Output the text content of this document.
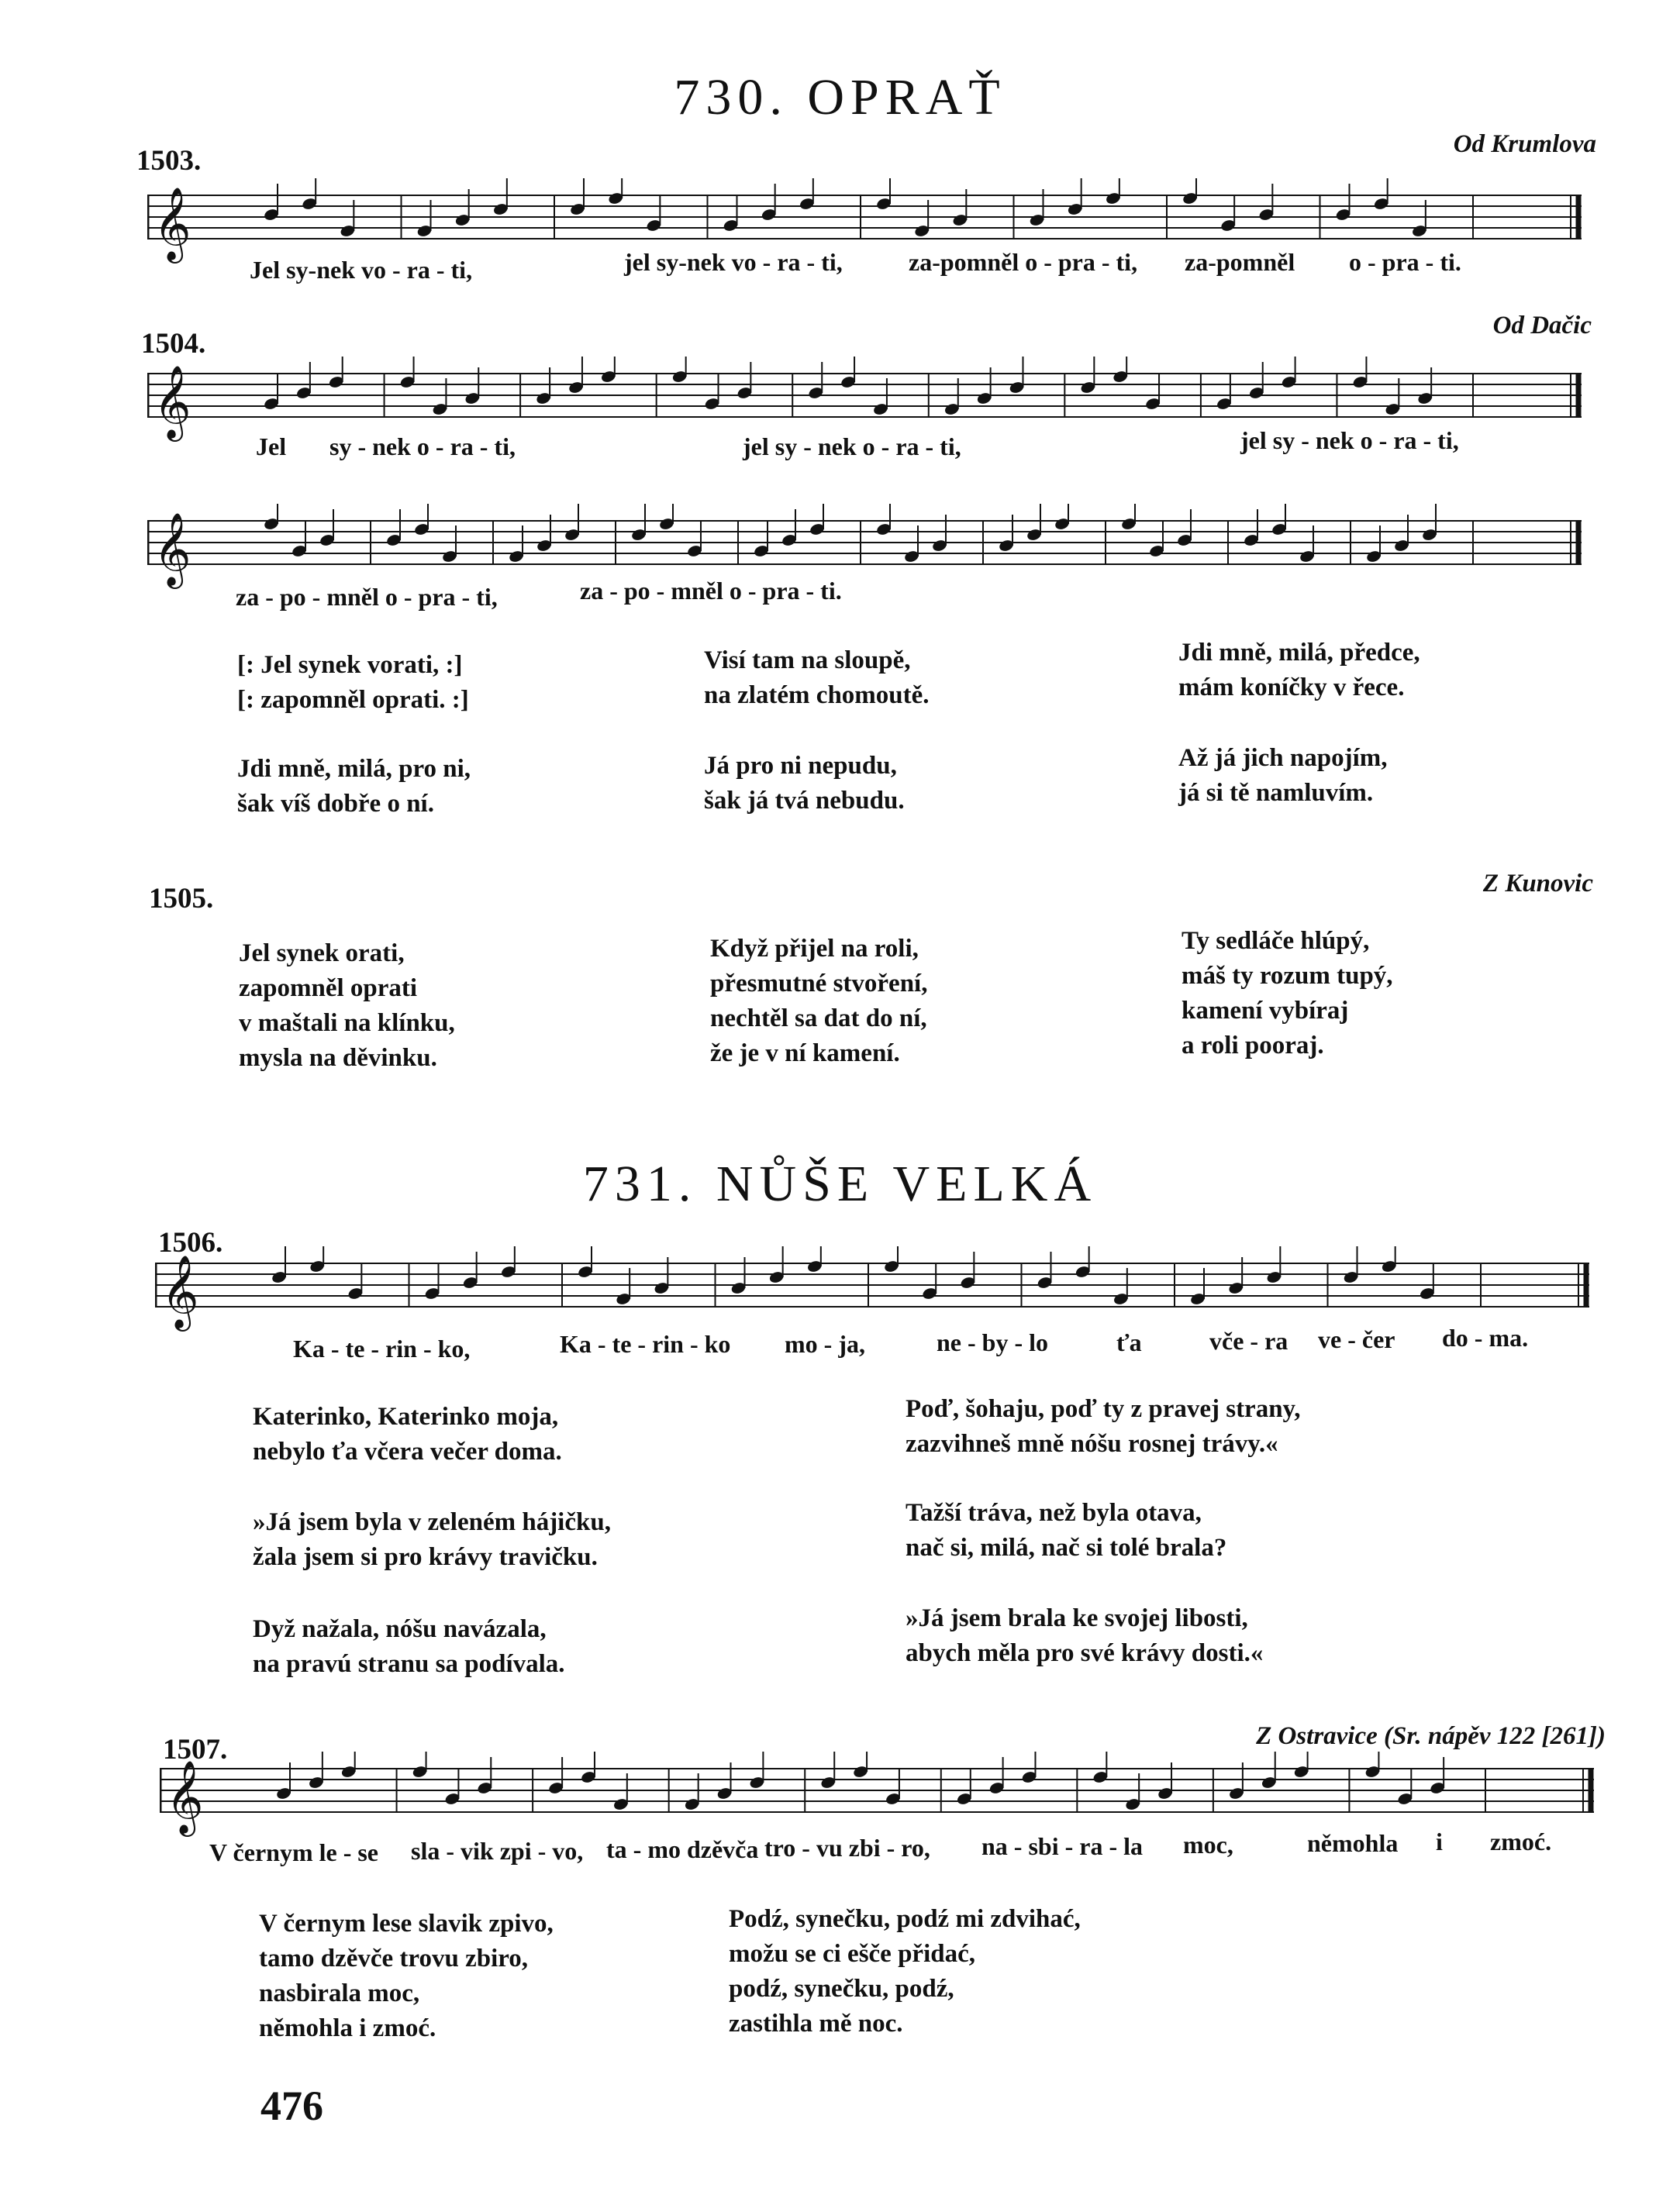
730. OPRAŤ
1503.
Od Krumlova
𝄞
Jel sy-nek vo - ra - ti,	jel sy-nek vo - ra - ti,	za-pomněl o - pra - ti, za-pomněl o - pra - ti.
1504.
Od Dačic
𝄞
Jel sy - nek o - ra - ti,	jel sy - nek o - ra - ti,	jel sy - nek o - ra - ti,
𝄞
za - po - mněl o - pra - ti,	za - po - mněl o - pra - ti.
[: Jel synek vorati, :]
[: zapomněl oprati. :]
Visí tam na sloupě,
na zlatém chomoutě.
Jdi mně, milá, předce,
mám koníčky v řece.
Jdi mně, milá, pro ni,
šak víš dobře o ní.
Já pro ni nepudu,
šak já tvá nebudu.
Až já jich napojím,
já si tě namluvím.
1505.	Z Kunovic
Jel synek orati,
zapomněl oprati
v maštali na klínku,
mysla na děvinku.
Když přijel na roli,
přesmutné stvoření,
nechtěl sa dat do ní,
že je v ní kamení.
Ty sedláče hlúpý,
máš ty rozum tupý,
kamení vybíraj
a roli pooraj.
731. NŮŠE VELKÁ
1506.
𝄞
Ka - te - rin - ko,	Ka - te - rin - ko mo - ja,	ne - by - lo	ťa	vče - ra ve - čer do - ma.
Katerinko, Katerinko moja,
nebylo ťa včera večer doma.
»Já jsem byla v zeleném hájičku,
žala jsem si pro krávy travičku.
Dyž nažala, nóšu navázala,
na pravú stranu sa podívala.
Poď, šohaju, poď ty z pravej strany,
zazvihneš mně nóšu rosnej trávy.«
Tažší tráva, než byla otava,
nač si, milá, nač si tolé brala?
»Já jsem brala ke svojej libosti,
abych měla pro své krávy dosti.«
1507.	Z Ostravice (Sr. nápěv 122 [261])
𝄞
V černym le - se sla - vik zpi - vo, ta - mo dzěvča tro - vu zbi - ro, na - sbi - ra - la moc,	němohla i zmoć.
V černym lese slavik zpivo,
tamo dzěvče trovu zbiro,
nasbirala moc,
němohla i zmoć.
Podź, synečku, podź mi zdvihać,
možu se ci eščе přidać,
podź, synečku, podź,
zastihla mě noc.
476
